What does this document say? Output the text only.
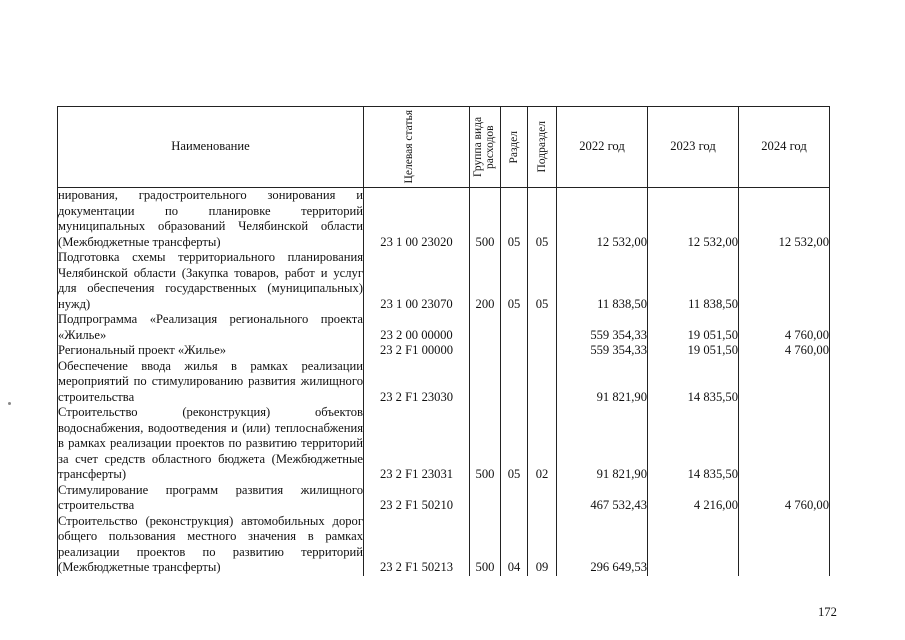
Наименование	Целевая статья	Группа вида расходов	Раздел	Подраздел	2022 год	2023 год	2024 год
нирования, градостроительного зонирования и документации по планировке территорий муниципальных образований Челябинской области (Межбюджетные трансферты)	23 1 00 23020	500	05	05	12 532,00	12 532,00	12 532,00
Подготовка схемы территориального планирования Челябинской области (Закупка товаров, работ и услуг для обеспечения государственных (муниципальных) нужд)	23 1 00 23070	200	05	05	11 838,50	11 838,50	
Подпрограмма «Реализация регионального проекта «Жилье»	23 2 00 00000				559 354,33	19 051,50	4 760,00
Региональный проект «Жилье»	23 2 F1 00000				559 354,33	19 051,50	4 760,00
Обеспечение ввода жилья в рамках реализации мероприятий по стимулированию развития жилищного строительства	23 2 F1 23030				91 821,90	14 835,50	
Строительство (реконструкция) объектов водоснабжения, водоотведения и (или) теплоснабжения в рамках реализации проектов по развитию территорий за счет средств областного бюджета (Межбюджетные трансферты)	23 2 F1 23031	500	05	02	91 821,90	14 835,50	
Стимулирование программ развития жилищного строительства	23 2 F1 50210				467 532,43	4 216,00	4 760,00
Строительство (реконструкция) автомобильных дорог общего пользования местного значения в рамках реализации проектов по развитию территорий (Межбюджетные трансферты)	23 2 F1 50213	500	04	09	296 649,53		
172
